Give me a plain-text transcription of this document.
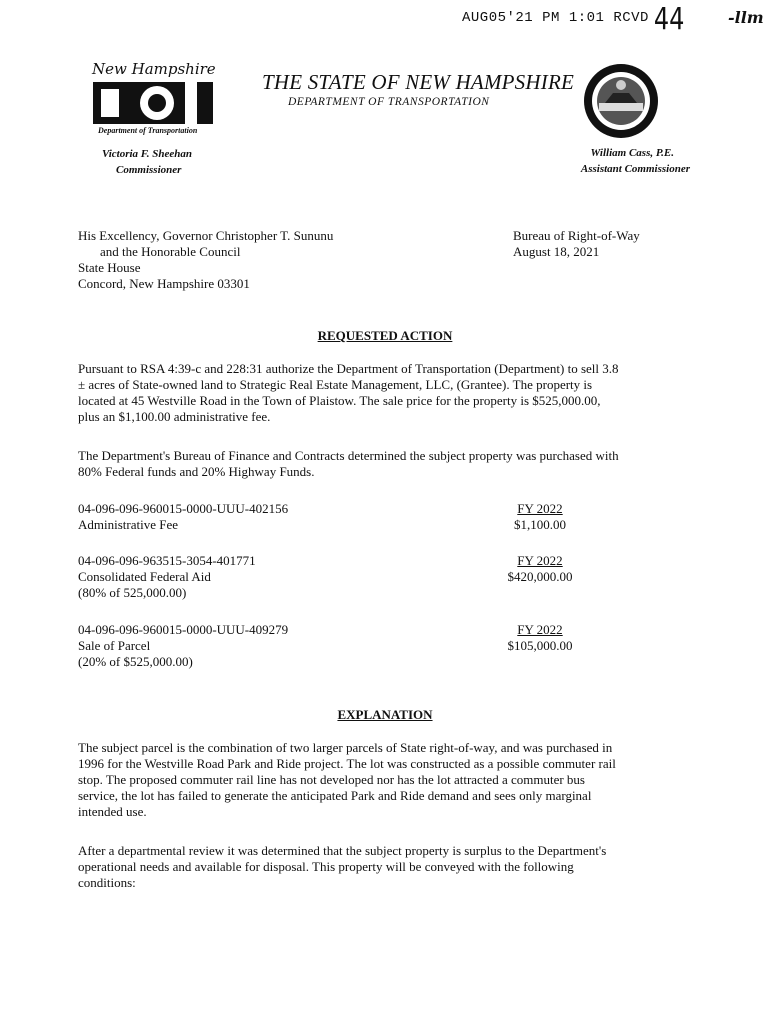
AUG05'21 PM 1:01 RCVD 44	-llm
New Hampshire
Department of Transportation
THE STATE OF NEW HAMPSHIRE
DEPARTMENT OF TRANSPORTATION
Victoria F. Sheehan
Commissioner
William Cass, P.E.
Assistant Commissioner
His Excellency, Governor Christopher T. Sununu
and the Honorable Council
State House
Concord, New Hampshire 03301
Bureau of Right-of-Way
August 18, 2021
REQUESTED ACTION
Pursuant to RSA 4:39-c and 228:31 authorize the Department of Transportation (Department) to sell 3.8
± acres of State-owned land to Strategic Real Estate Management, LLC, (Grantee). The property is
located at 45 Westville Road in the Town of Plaistow. The sale price for the property is $525,000.00,
plus an $1,100.00 administrative fee.
The Department's Bureau of Finance and Contracts determined the subject property was purchased with
80% Federal funds and 20% Highway Funds.
04-096-096-960015-0000-UUU-402156
Administrative Fee
FY 2022
$1,100.00
04-096-096-963515-3054-401771
Consolidated Federal Aid
(80% of 525,000.00)
FY 2022
$420,000.00
04-096-096-960015-0000-UUU-409279
Sale of Parcel
(20% of $525,000.00)
FY 2022
$105,000.00
EXPLANATION
The subject parcel is the combination of two larger parcels of State right-of-way, and was purchased in
1996 for the Westville Road Park and Ride project. The lot was constructed as a possible commuter rail
stop. The proposed commuter rail line has not developed nor has the lot attracted a commuter bus
service, the lot has failed to generate the anticipated Park and Ride demand and sees only marginal
intended use.
After a departmental review it was determined that the subject property is surplus to the Department's
operational needs and available for disposal. This property will be conveyed with the following
conditions:
